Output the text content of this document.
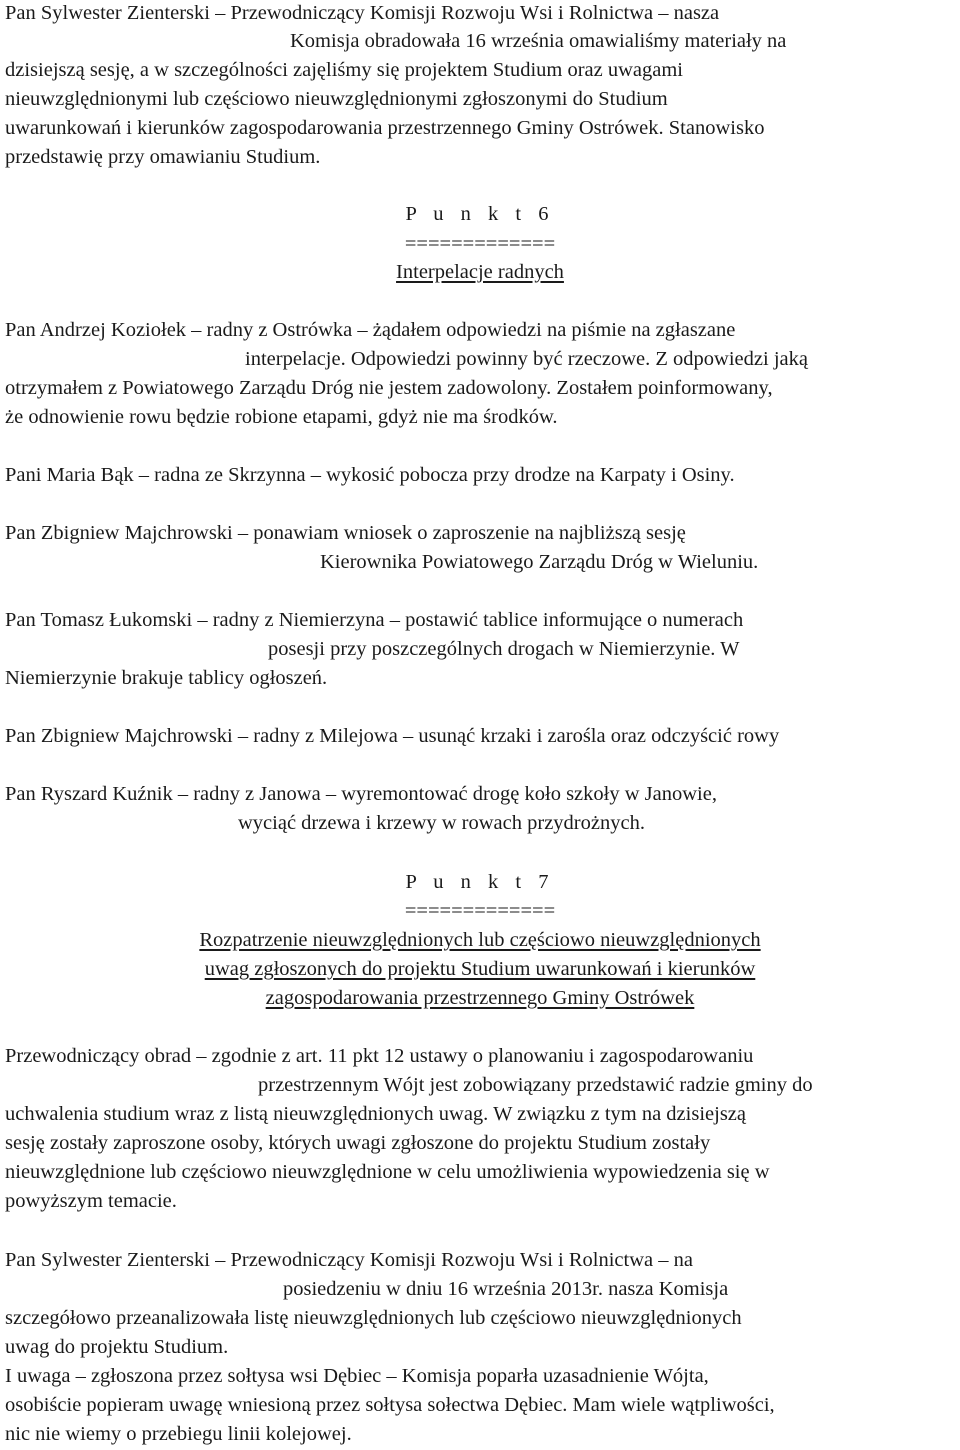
Pan Sylwester Zienterski – Przewodniczący Komisji Rozwoju Wsi i Rolnictwa – nasza
Komisja obradowała 16 września omawialiśmy materiały na
dzisiejszą sesję, a w szczególności zajęliśmy się projektem Studium oraz uwagami
nieuwzględnionymi lub częściowo nieuwzględnionymi zgłoszonymi do Studium
uwarunkowań i kierunków zagospodarowania przestrzennego Gminy Ostrówek. Stanowisko
przedstawię przy omawianiu Studium.
P u n k t 6
=============
Interpelacje radnych
Pan Andrzej Koziołek – radny z Ostrówka – żądałem odpowiedzi na piśmie na zgłaszane
interpelacje. Odpowiedzi powinny być rzeczowe. Z odpowiedzi jaką
otrzymałem z Powiatowego Zarządu Dróg nie jestem zadowolony. Zostałem poinformowany,
że odnowienie rowu będzie robione etapami, gdyż nie ma środków.
Pani Maria Bąk – radna ze Skrzynna – wykosić pobocza przy drodze na Karpaty i Osiny.
Pan Zbigniew Majchrowski – ponawiam wniosek o zaproszenie na najbliższą sesję
Kierownika Powiatowego Zarządu Dróg w Wieluniu.
Pan Tomasz Łukomski – radny z Niemierzyna – postawić tablice informujące o numerach
posesji przy poszczególnych drogach w Niemierzynie. W
Niemierzynie brakuje tablicy ogłoszeń.
Pan Zbigniew Majchrowski – radny z Milejowa – usunąć krzaki i zarośla oraz odczyścić rowy
Pan Ryszard Kuźnik – radny z Janowa – wyremontować drogę koło szkoły w Janowie,
wyciąć drzewa i krzewy w rowach przydrożnych.
P u n k t 7
=============
Rozpatrzenie nieuwzględnionych lub częściowo nieuwzględnionych
uwag zgłoszonych do projektu Studium uwarunkowań i kierunków
zagospodarowania przestrzennego Gminy Ostrówek
Przewodniczący obrad – zgodnie z art. 11 pkt 12 ustawy o planowaniu i zagospodarowaniu
przestrzennym Wójt jest zobowiązany przedstawić radzie gminy do
uchwalenia studium wraz z listą nieuwzględnionych uwag. W związku z tym na dzisiejszą
sesję zostały zaproszone osoby, których uwagi zgłoszone do projektu Studium zostały
nieuwzględnione lub częściowo nieuwzględnione w celu umożliwienia wypowiedzenia się w
powyższym temacie.
Pan Sylwester Zienterski – Przewodniczący Komisji Rozwoju Wsi i Rolnictwa – na
posiedzeniu w dniu 16 września 2013r. nasza Komisja
szczegółowo przeanalizowała listę nieuwzględnionych lub częściowo nieuwzględnionych
uwag do projektu Studium.
I uwaga – zgłoszona przez sołtysa wsi Dębiec – Komisja poparła uzasadnienie Wójta,
osobiście popieram uwagę wniesioną przez sołtysa sołectwa Dębiec. Mam wiele wątpliwości,
nic nie wiemy o przebiegu linii kolejowej.
